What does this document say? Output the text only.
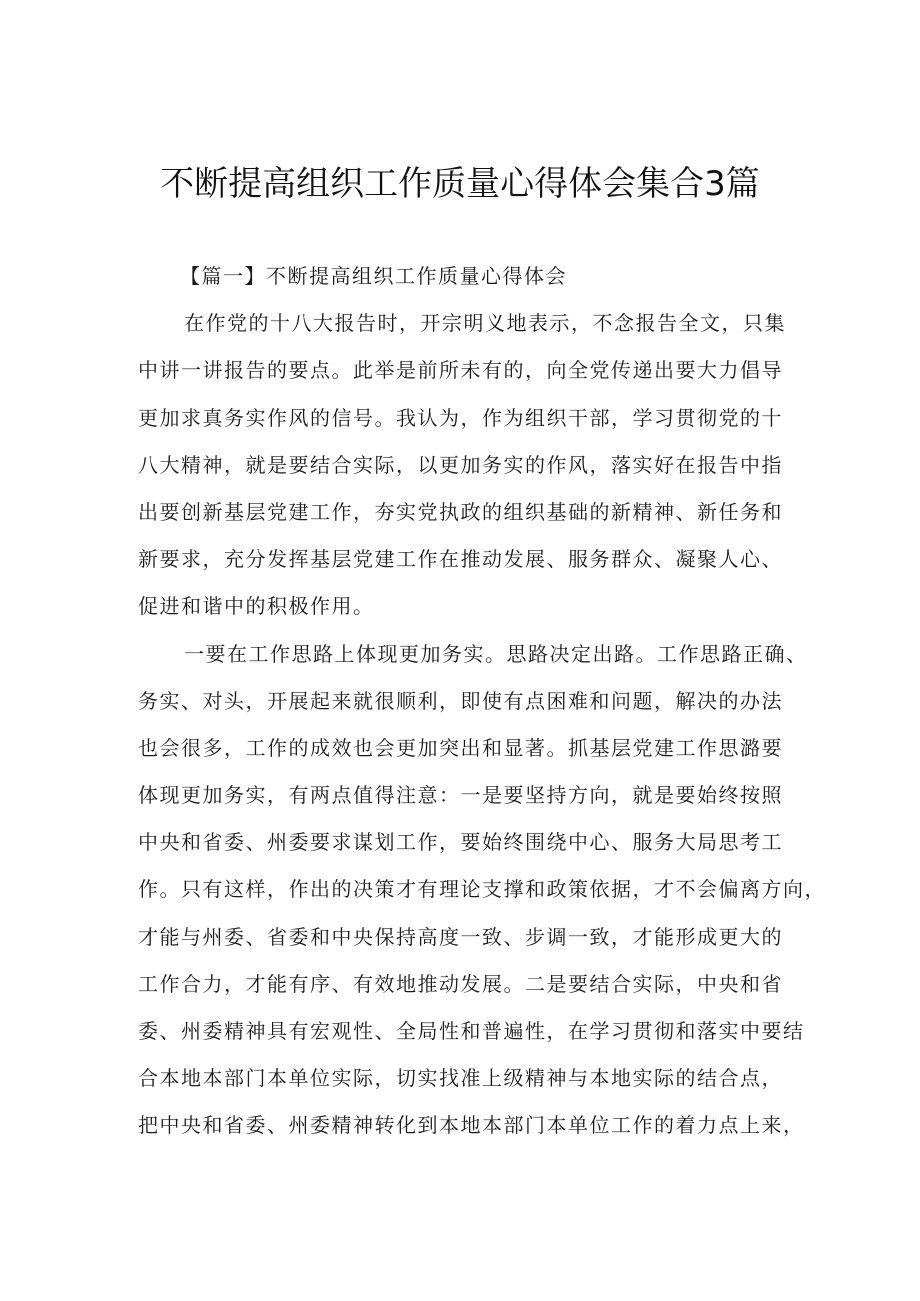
不断提高组织工作质量心得体会集合3篇
【篇一】不断提高组织工作质量心得体会
在作党的十八大报告时，开宗明义地表示，不念报告全文，只集
中讲一讲报告的要点。此举是前所未有的，向全党传递出要大力倡导
更加求真务实作风的信号。我认为，作为组织干部，学习贯彻党的十
八大精神，就是要结合实际，以更加务实的作风，落实好在报告中指
出要创新基层党建工作，夯实党执政的组织基础的新精神、新任务和
新要求，充分发挥基层党建工作在推动发展、服务群众、凝聚人心、
促进和谐中的积极作用。
一要在工作思路上体现更加务实。思路决定出路。工作思路正确、
务实、对头，开展起来就很顺利，即使有点困难和问题，解决的办法
也会很多，工作的成效也会更加突出和显著。抓基层党建工作思潞要
体现更加务实，有两点值得注意：一是要坚持方向，就是要始终按照
中央和省委、州委要求谋划工作，要始终围绕中心、服务大局思考工
作。只有这样，作出的决策才有理论支撑和政策依据，才不会偏离方向，
才能与州委、省委和中央保持高度一致、步调一致，才能形成更大的
工作合力，才能有序、有效地推动发展。二是要结合实际，中央和省
委、州委精神具有宏观性、全局性和普遍性，在学习贯彻和落实中要结
合本地本部门本单位实际，切实找准上级精神与本地实际的结合点，
把中央和省委、州委精神转化到本地本部门本单位工作的着力点上来，
